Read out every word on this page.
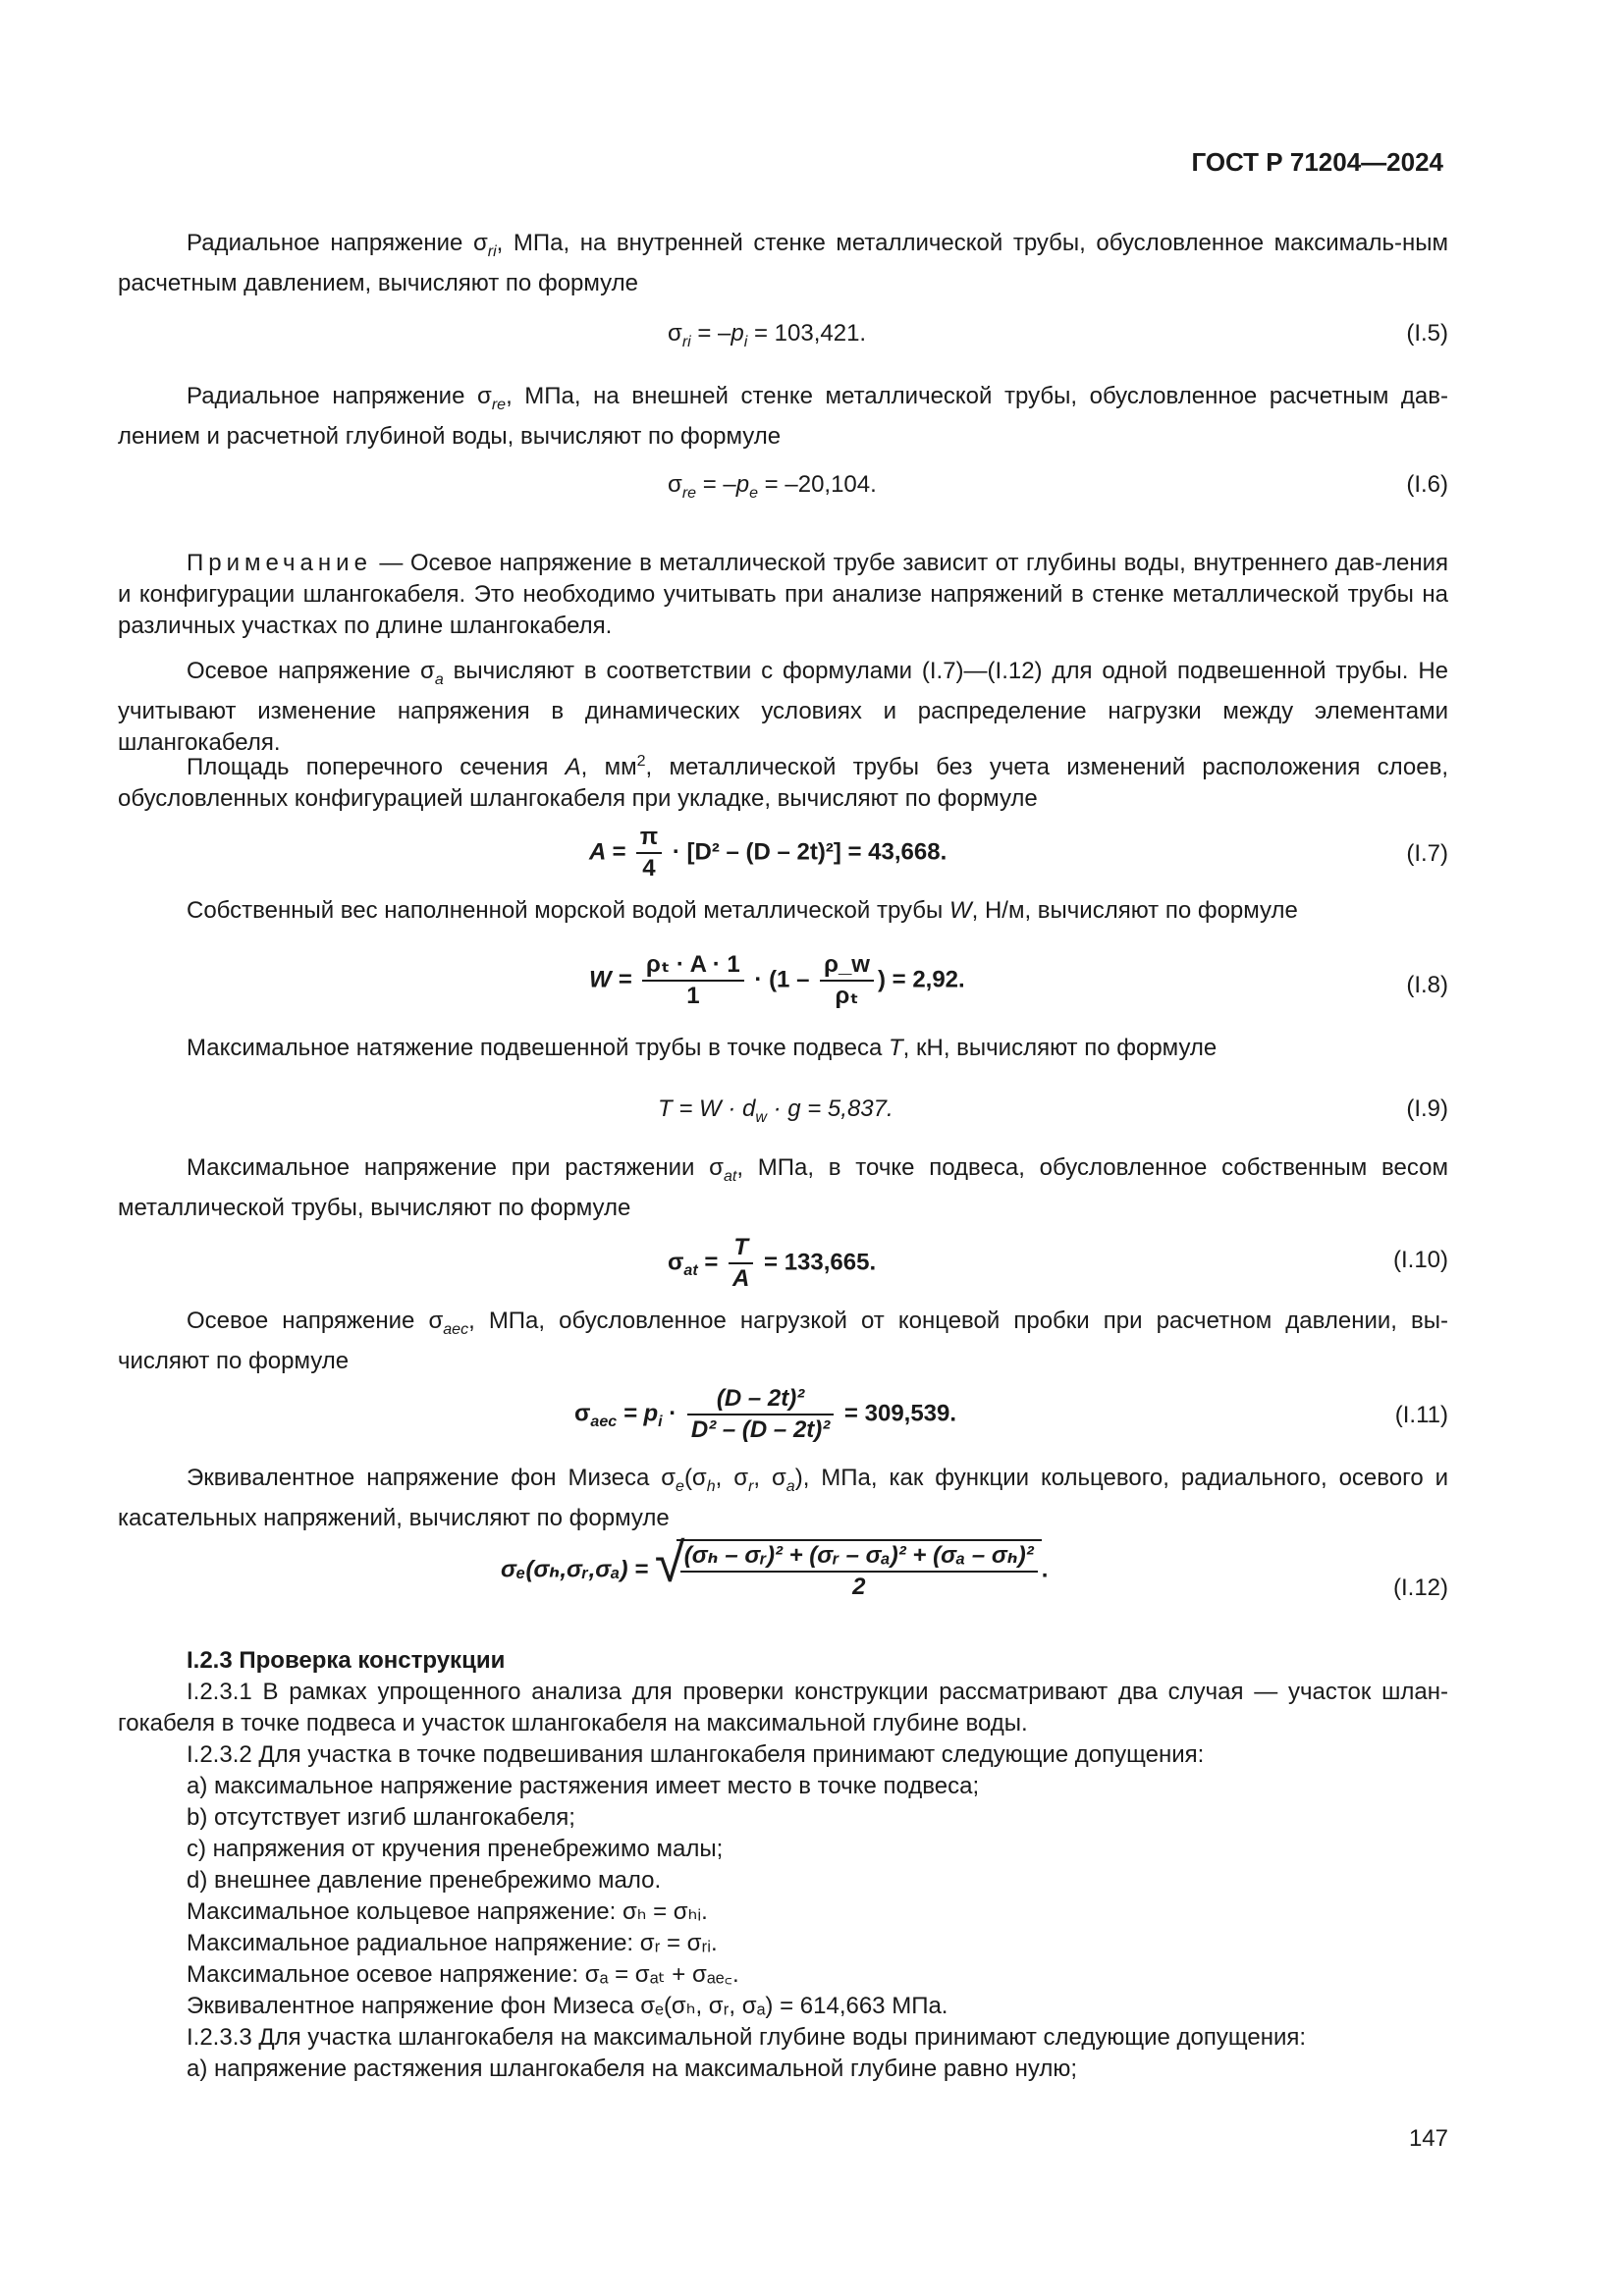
ГОСТ Р 71204—2024

Радиальное напряжение $\sigma_{ri}$, МПа, на внутренней стенке металлической трубы, обусловленное максималь-ным расчетным давлением, вычисляют по формуле

$\sigma_{ri} = -p_i = 103,421$.	(I.5)

Радиальное напряжение $\sigma_{re}$, МПа, на внешней стенке металлической трубы, обусловленное расчетным дав-лением и расчетной глубиной воды, вычисляют по формуле

$\sigma_{re} = -p_e = -20,104$.	(I.6)

Примечание — Осевое напряжение в металлической трубе зависит от глубины воды, внутреннего дав-ления и конфигурации шлангокабеля. Это необходимо учитывать при анализе напряжений в стенке металлической трубы на различных участках по длине шлангокабеля.

Осевое напряжение $\sigma_a$ вычисляют в соответствии с формулами (I.7)—(I.12) для одной подвешенной трубы. Не учитывают изменение напряжения в динамических условиях и распределение нагрузки между элементами шлангокабеля.

Площадь поперечного сечения A, $мм^2$, металлической трубы без учета изменений расположения слоев, обусловленных конфигурацией шлангокабеля при укладке, вычисляют по формуле

$A = \frac{\pi}{4} \cdot [D^2 - (D - 2t)^2] = 43,668$.	(I.7)

Собственный вес наполненной морской водой металлической трубы W, Н/м, вычисляют по формуле

$W = \frac{\text{ρₜ · A · 1}}{1} \cdot (1 - \frac{\rho\_w}{\text{ρₜ}}$ ) = 2,92.	(I.8)

Максимальное натяжение подвешенной трубы в точке подвеса T, кН, вычисляют по формуле

$T = W \cdot d_w \cdot g = 5,837$.	(I.9)

Максимальное напряжение при растяжении $\sigma_{at}$, МПа, в точке подвеса, обусловленное собственным весом металлической трубы, вычисляют по формуле

$\sigma_{at} = \frac{T}{A} = 133,665$.	(I.10)

Осевое напряжение $\sigma_{aec}$, МПа, обусловленное нагрузкой от концевой пробки при расчетном давлении, вы-числяют по формуле

$\sigma_{aec} = p_i \cdot \frac{\text{(D – 2t)²}}{\text{D² – (D – 2t)²}} = 309,539$.	(I.11)

Эквивалентное напряжение фон Мизеса $\sigma_e(\sigma_h$, $\sigma_r$, $\sigma_a$), МПа, как функции кольцевого, радиального, осевого и касательных напряжений, вычисляют по формуле

σₑ(σₕ,σᵣ,σₐ) = √
$\frac{\text{(σₕ – σᵣ)² + (σᵣ – σₐ)² + (σₐ – σₕ)²}}{2}$ .
(I.12)
I.2.3 Проверка конструкции

I.2.3.1 В рамках упрощенного анализа для проверки конструкции рассматривают два случая — участок шлан-гокабеля в точке подвеса и участок шлангокабеля на максимальной глубине воды.

I.2.3.2 Для участка в точке подвешивания шлангокабеля принимают следующие допущения:
a) максимальное напряжение растяжения имеет место в точке подвеса;
b) отсутствует изгиб шлангокабеля;
c) напряжения от кручения пренебрежимо малы;
d) внешнее давление пренебрежимо мало.
Максимальное кольцевое напряжение: σₕ = σₕᵢ.
Максимальное радиальное напряжение: σᵣ = σᵣᵢ.
Максимальное осевое напряжение: σₐ = σₐₜ + σₐₑ꜀.
Эквивалентное напряжение фон Мизеса σₑ(σₕ, σᵣ, σₐ) = 614,663 МПа.
I.2.3.3 Для участка шлангокабеля на максимальной глубине воды принимают следующие допущения:
a) напряжение растяжения шлангокабеля на максимальной глубине равно нулю;
147
